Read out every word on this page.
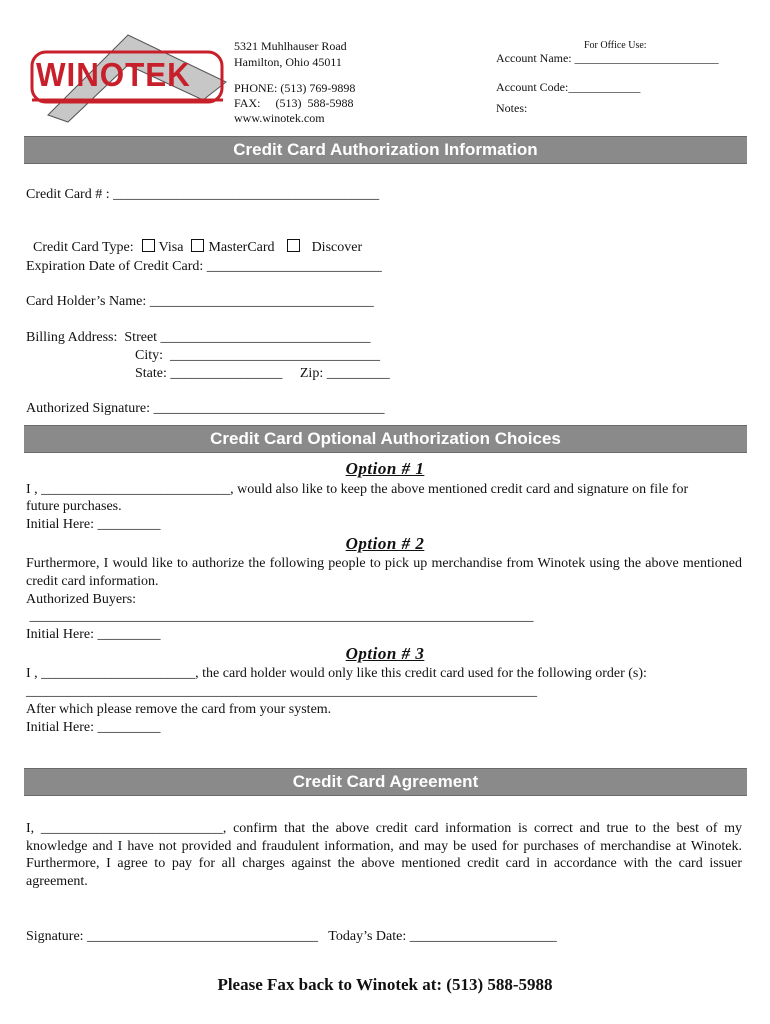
WINOTEK
5321 Muhlhauser Road
Hamilton, Ohio 45011
PHONE: (513) 769-9898
FAX:     (513)  588-5988
www.winotek.com
For Office Use:
Account Name: ________________________
Account Code:____________
Notes:
Credit Card Authorization Information
Credit Card # : ______________________________________

Credit Card Type: Visa MasterCard	Discover

Expiration Date of Credit Card: _________________________
Card Holder’s Name: ________________________________
Billing Address:  Street ______________________________
City:  ______________________________
State: ________________     Zip: _________
Authorized Signature: _________________________________
Credit Card Optional Authorization Choices
Option # 1
I , ___________________________, would also like to keep the above mentioned credit card and signature on file for
future purchases.
Initial Here: _________
Option # 2
Furthermore, I would like to authorize the following people to pick up merchandise from Winotek using the above mentioned credit card information.
Authorized Buyers:
________________________________________________________________________
Initial Here: _________
Option # 3
I , ______________________, the card holder would only like this credit card used for the following order (s):
_________________________________________________________________________
After which please remove the card from your system.
Initial Here: _________
Credit Card Agreement
I, __________________________, confirm that the above credit card information is correct and true to the best of my knowledge and I have not provided and fraudulent information, and may be used for purchases of merchandise at Winotek. Furthermore, I agree to pay for all charges against the above mentioned credit card in accordance with the card issuer agreement.
Signature: _________________________________   Today’s Date: _____________________
Please Fax back to Winotek at: (513) 588-5988
